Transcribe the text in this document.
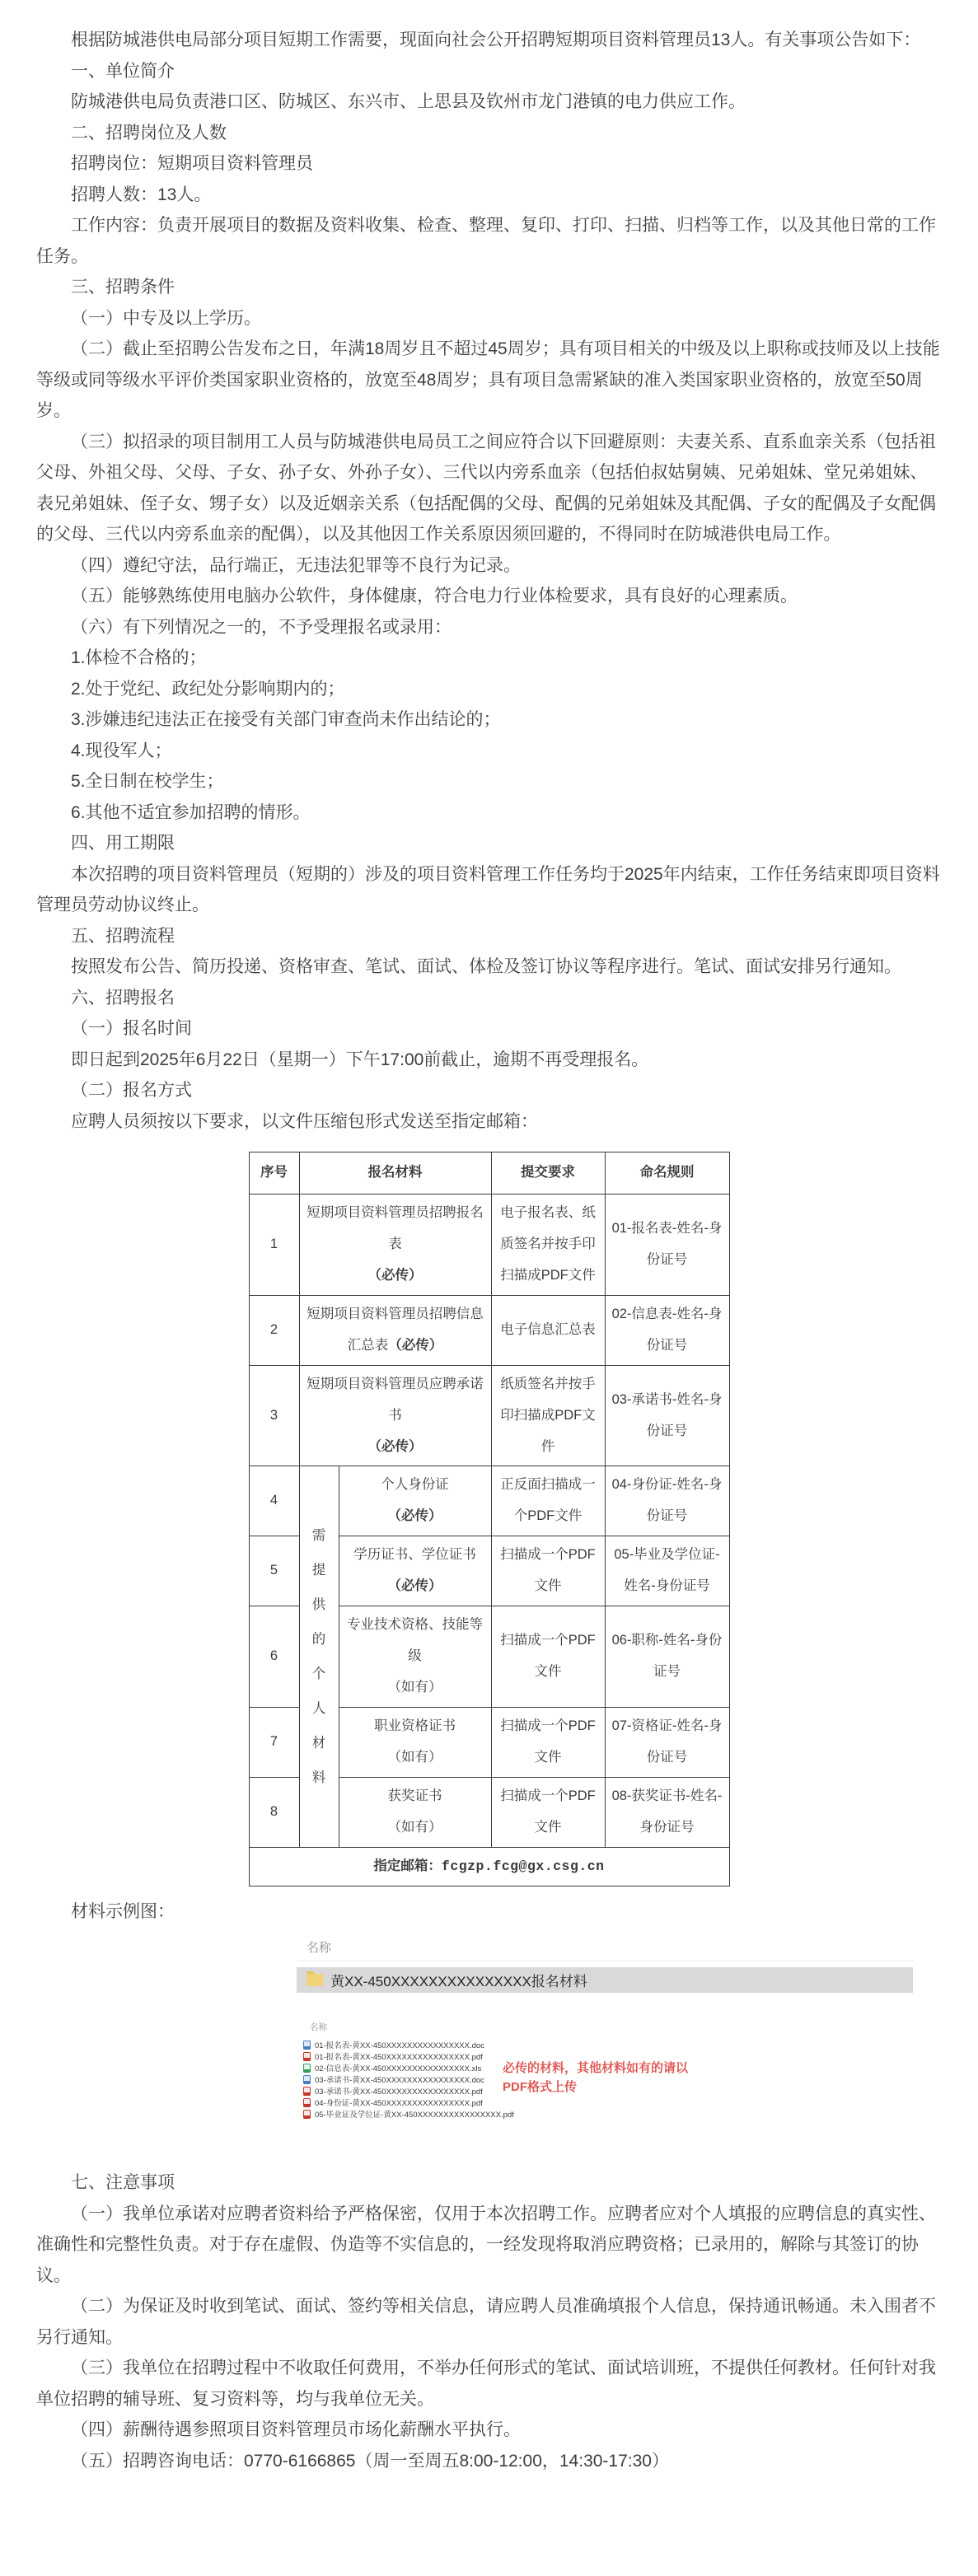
根据防城港供电局部分项目短期工作需要，现面向社会公开招聘短期项目资料管理员13人。有关事项公告如下：

一、单位简介

防城港供电局负责港口区、防城区、东兴市、上思县及钦州市龙门港镇的电力供应工作。

二、招聘岗位及人数

招聘岗位：短期项目资料管理员

招聘人数：13人。

工作内容：负责开展项目的数据及资料收集、检查、整理、复印、打印、扫描、归档等工作，以及其他日常的工作任务。

三、招聘条件

（一）中专及以上学历。

（二）截止至招聘公告发布之日，年满18周岁且不超过45周岁；具有项目相关的中级及以上职称或技师及以上技能等级或同等级水平评价类国家职业资格的，放宽至48周岁；具有项目急需紧缺的准入类国家职业资格的，放宽至50周岁。

（三）拟招录的项目制用工人员与防城港供电局员工之间应符合以下回避原则：夫妻关系、直系血亲关系（包括祖父母、外祖父母、父母、子女、孙子女、外孙子女）、三代以内旁系血亲（包括伯叔姑舅姨、兄弟姐妹、堂兄弟姐妹、表兄弟姐妹、侄子女、甥子女）以及近姻亲关系（包括配偶的父母、配偶的兄弟姐妹及其配偶、子女的配偶及子女配偶的父母、三代以内旁系血亲的配偶），以及其他因工作关系原因须回避的，不得同时在防城港供电局工作。

（四）遵纪守法，品行端正，无违法犯罪等不良行为记录。

（五）能够熟练使用电脑办公软件，身体健康，符合电力行业体检要求，具有良好的心理素质。

（六）有下列情况之一的，不予受理报名或录用：

1.体检不合格的；

2.处于党纪、政纪处分影响期内的；

3.涉嫌违纪违法正在接受有关部门审查尚未作出结论的；

4.现役军人；

5.全日制在校学生；

6.其他不适宜参加招聘的情形。

四、用工期限

本次招聘的项目资料管理员（短期的）涉及的项目资料管理工作任务均于2025年内结束，工作任务结束即项目资料管理员劳动协议终止。

五、招聘流程

按照发布公告、简历投递、资格审查、笔试、面试、体检及签订协议等程序进行。笔试、面试安排另行通知。

六、招聘报名

（一）报名时间

即日起到2025年6月22日（星期一）下午17:00前截止，逾期不再受理报名。

（二）报名方式

应聘人员须按以下要求，以文件压缩包形式发送至指定邮箱：

序号	报名材料		提交要求	命名规则
1	短期项目资料管理员招聘报名表
（必传）		电子报名表、纸质签名并按手印扫描成PDF文件	01-报名表-姓名-身份证号
2	短期项目资料管理员招聘信息汇总表（必传）		电子信息汇总表	02-信息表-姓名-身份证号
3	短期项目资料管理员应聘承诺书
（必传）		纸质签名并按手印扫描成PDF文件	03-承诺书-姓名-身份证号
4	需提供的个人材料	个人身份证
（必传）	正反面扫描成一个PDF文件	04-身份证-姓名-身份证号
5		学历证书、学位证书
（必传）	扫描成一个PDF文件	05-毕业及学位证-姓名-身份证号
6		专业技术资格、技能等级
（如有）	扫描成一个PDF文件	06-职称-姓名-身份证号
7		职业资格证书
（如有）	扫描成一个PDF文件	07-资格证-姓名-身份证号
8		获奖证书
（如有）	扫描成一个PDF文件	08-获奖证书-姓名-身份证号
指定邮箱：fcgzp.fcg@gx.csg.cn				

材料示例图：

名称
黄XX-450XXXXXXXXXXXXXXX报名材料
名称
01-报名表-黄XX-450XXXXXXXXXXXXXXXX.doc
01-报名表-黄XX-450XXXXXXXXXXXXXXXX.pdf
02-信息表-黄XX-450XXXXXXXXXXXXXXXX.xls
03-承诺书-黄XX-450XXXXXXXXXXXXXXXX.doc
03-承诺书-黄XX-450XXXXXXXXXXXXXXXX.pdf
04-身份证-黄XX-450XXXXXXXXXXXXXXXX.pdf
05-毕业证及学位证-黄XX-450XXXXXXXXXXXXXXXX.pdf
必传的材料，其他材料如有的请以
PDF格式上传

七、注意事项

（一）我单位承诺对应聘者资料给予严格保密，仅用于本次招聘工作。应聘者应对个人填报的应聘信息的真实性、准确性和完整性负责。对于存在虚假、伪造等不实信息的，一经发现将取消应聘资格；已录用的，解除与其签订的协议。

（二）为保证及时收到笔试、面试、签约等相关信息，请应聘人员准确填报个人信息，保持通讯畅通。未入围者不另行通知。

（三）我单位在招聘过程中不收取任何费用，不举办任何形式的笔试、面试培训班，不提供任何教材。任何针对我单位招聘的辅导班、复习资料等，均与我单位无关。

（四）薪酬待遇参照项目资料管理员市场化薪酬水平执行。

（五）招聘咨询电话：0770-6166865（周一至周五8:00-12:00，14:30-17:30）
